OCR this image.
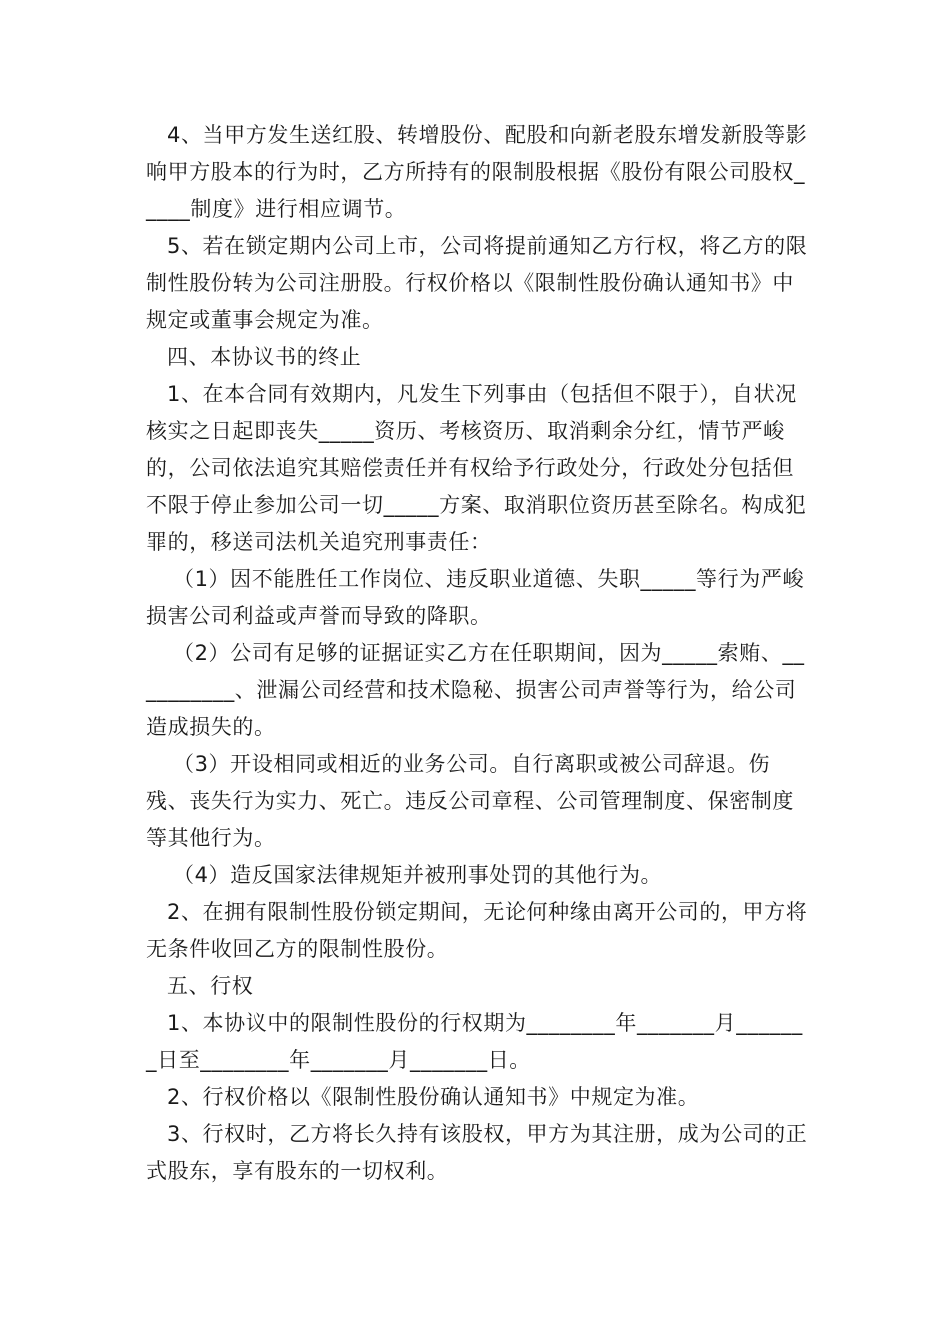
4、当甲方发生送红股、转增股份、配股和向新老股东增发新股等影响甲方股本的行为时，乙方所持有的限制股根据《股份有限公司股权_____制度》进行相应调节。

5、若在锁定期内公司上市，公司将提前通知乙方行权，将乙方的限制性股份转为公司注册股。行权价格以《限制性股份确认通知书》中规定或董事会规定为准。

四、本协议书的终止

1、在本合同有效期内，凡发生下列事由（包括但不限于），自状况核实之日起即丧失_____资历、考核资历、取消剩余分红，情节严峻的，公司依法追究其赔偿责任并有权给予行政处分，行政处分包括但不限于停止参加公司一切_____方案、取消职位资历甚至除名。构成犯罪的，移送司法机关追究刑事责任：

（1）因不能胜任工作岗位、违反职业道德、失职_____等行为严峻损害公司利益或声誉而导致的降职。

（2）公司有足够的证据证实乙方在任职期间，因为_____索贿、__________、泄漏公司经营和技术隐秘、损害公司声誉等行为，给公司造成损失的。

（3）开设相同或相近的业务公司。自行离职或被公司辞退。伤残、丧失行为实力、死亡。违反公司章程、公司管理制度、保密制度等其他行为。

（4）造反国家法律规矩并被刑事处罚的其他行为。

2、在拥有限制性股份锁定期间，无论何种缘由离开公司的，甲方将无条件收回乙方的限制性股份。

五、行权

1、本协议中的限制性股份的行权期为________年_______月_______日至________年_______月_______日。

2、行权价格以《限制性股份确认通知书》中规定为准。

3、行权时，乙方将长久持有该股权，甲方为其注册，成为公司的正式股东，享有股东的一切权利。
